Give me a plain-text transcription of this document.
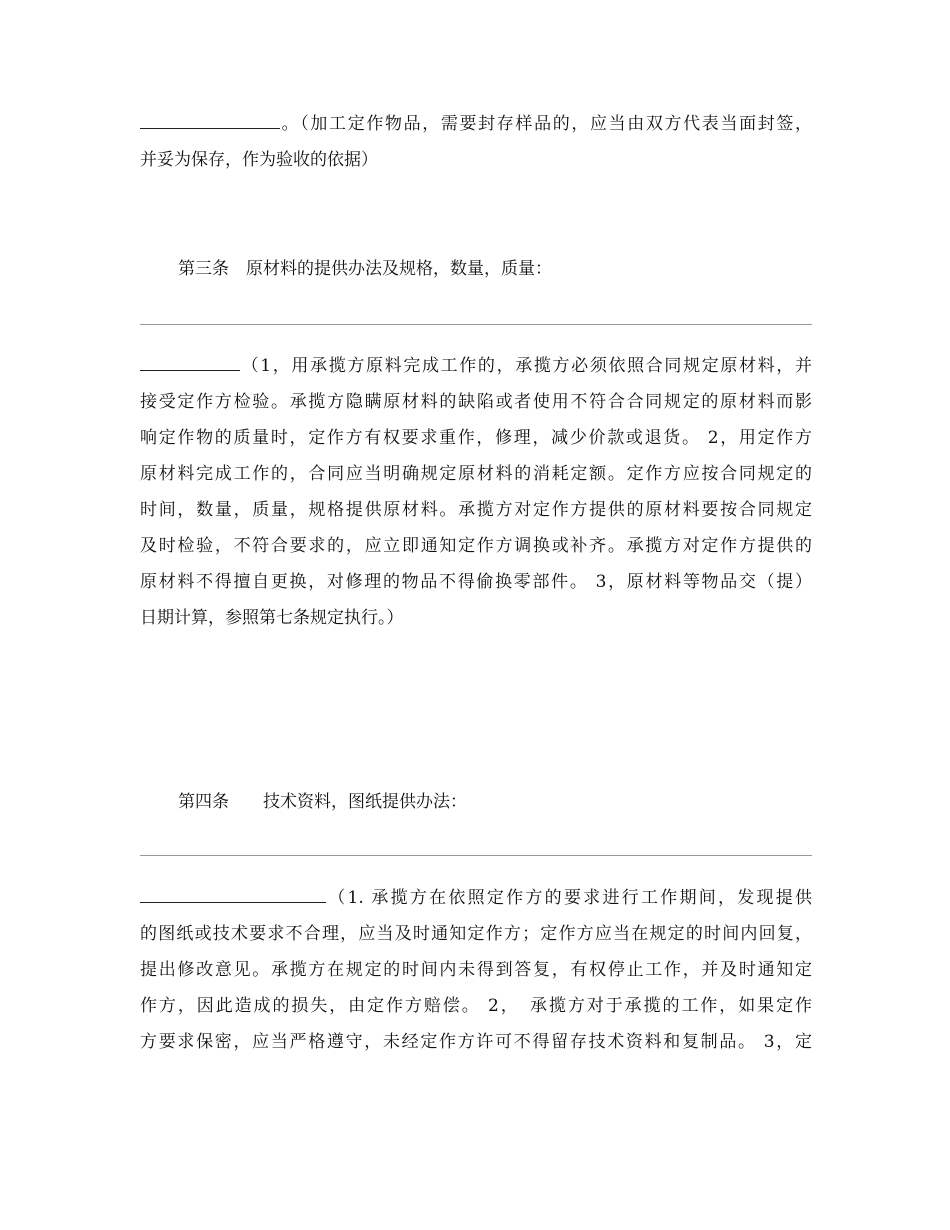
。（加工定作物品，需要封存样品的，应当由双方代表当面封签，
并妥为保存，作为验收的依据）

第三条　原材料的提供办法及规格，数量，质量：

（1，用承揽方原料完成工作的，承揽方必须依照合同规定原材料，并
接受定作方检验。承揽方隐瞒原材料的缺陷或者使用不符合合同规定的原材料而影
响定作物的质量时，定作方有权要求重作，修理，减少价款或退货。 2，用定作方
原材料完成工作的，合同应当明确规定原材料的消耗定额。定作方应按合同规定的
时间，数量，质量，规格提供原材料。承揽方对定作方提供的原材料要按合同规定
及时检验，不符合要求的，应立即通知定作方调换或补齐。承揽方对定作方提供的
原材料不得擅自更换，对修理的物品不得偷换零部件。 3，原材料等物品交（提）
日期计算，参照第七条规定执行。）

第四条　　技术资料，图纸提供办法：

（1. 承揽方在依照定作方的要求进行工作期间，发现提供
的图纸或技术要求不合理，应当及时通知定作方；定作方应当在规定的时间内回复，
提出修改意见。承揽方在规定的时间内未得到答复，有权停止工作，并及时通知定
作方，因此造成的损失，由定作方赔偿。 2，　承揽方对于承揽的工作，如果定作
方要求保密，应当严格遵守，未经定作方许可不得留存技术资料和复制品。 3，定
